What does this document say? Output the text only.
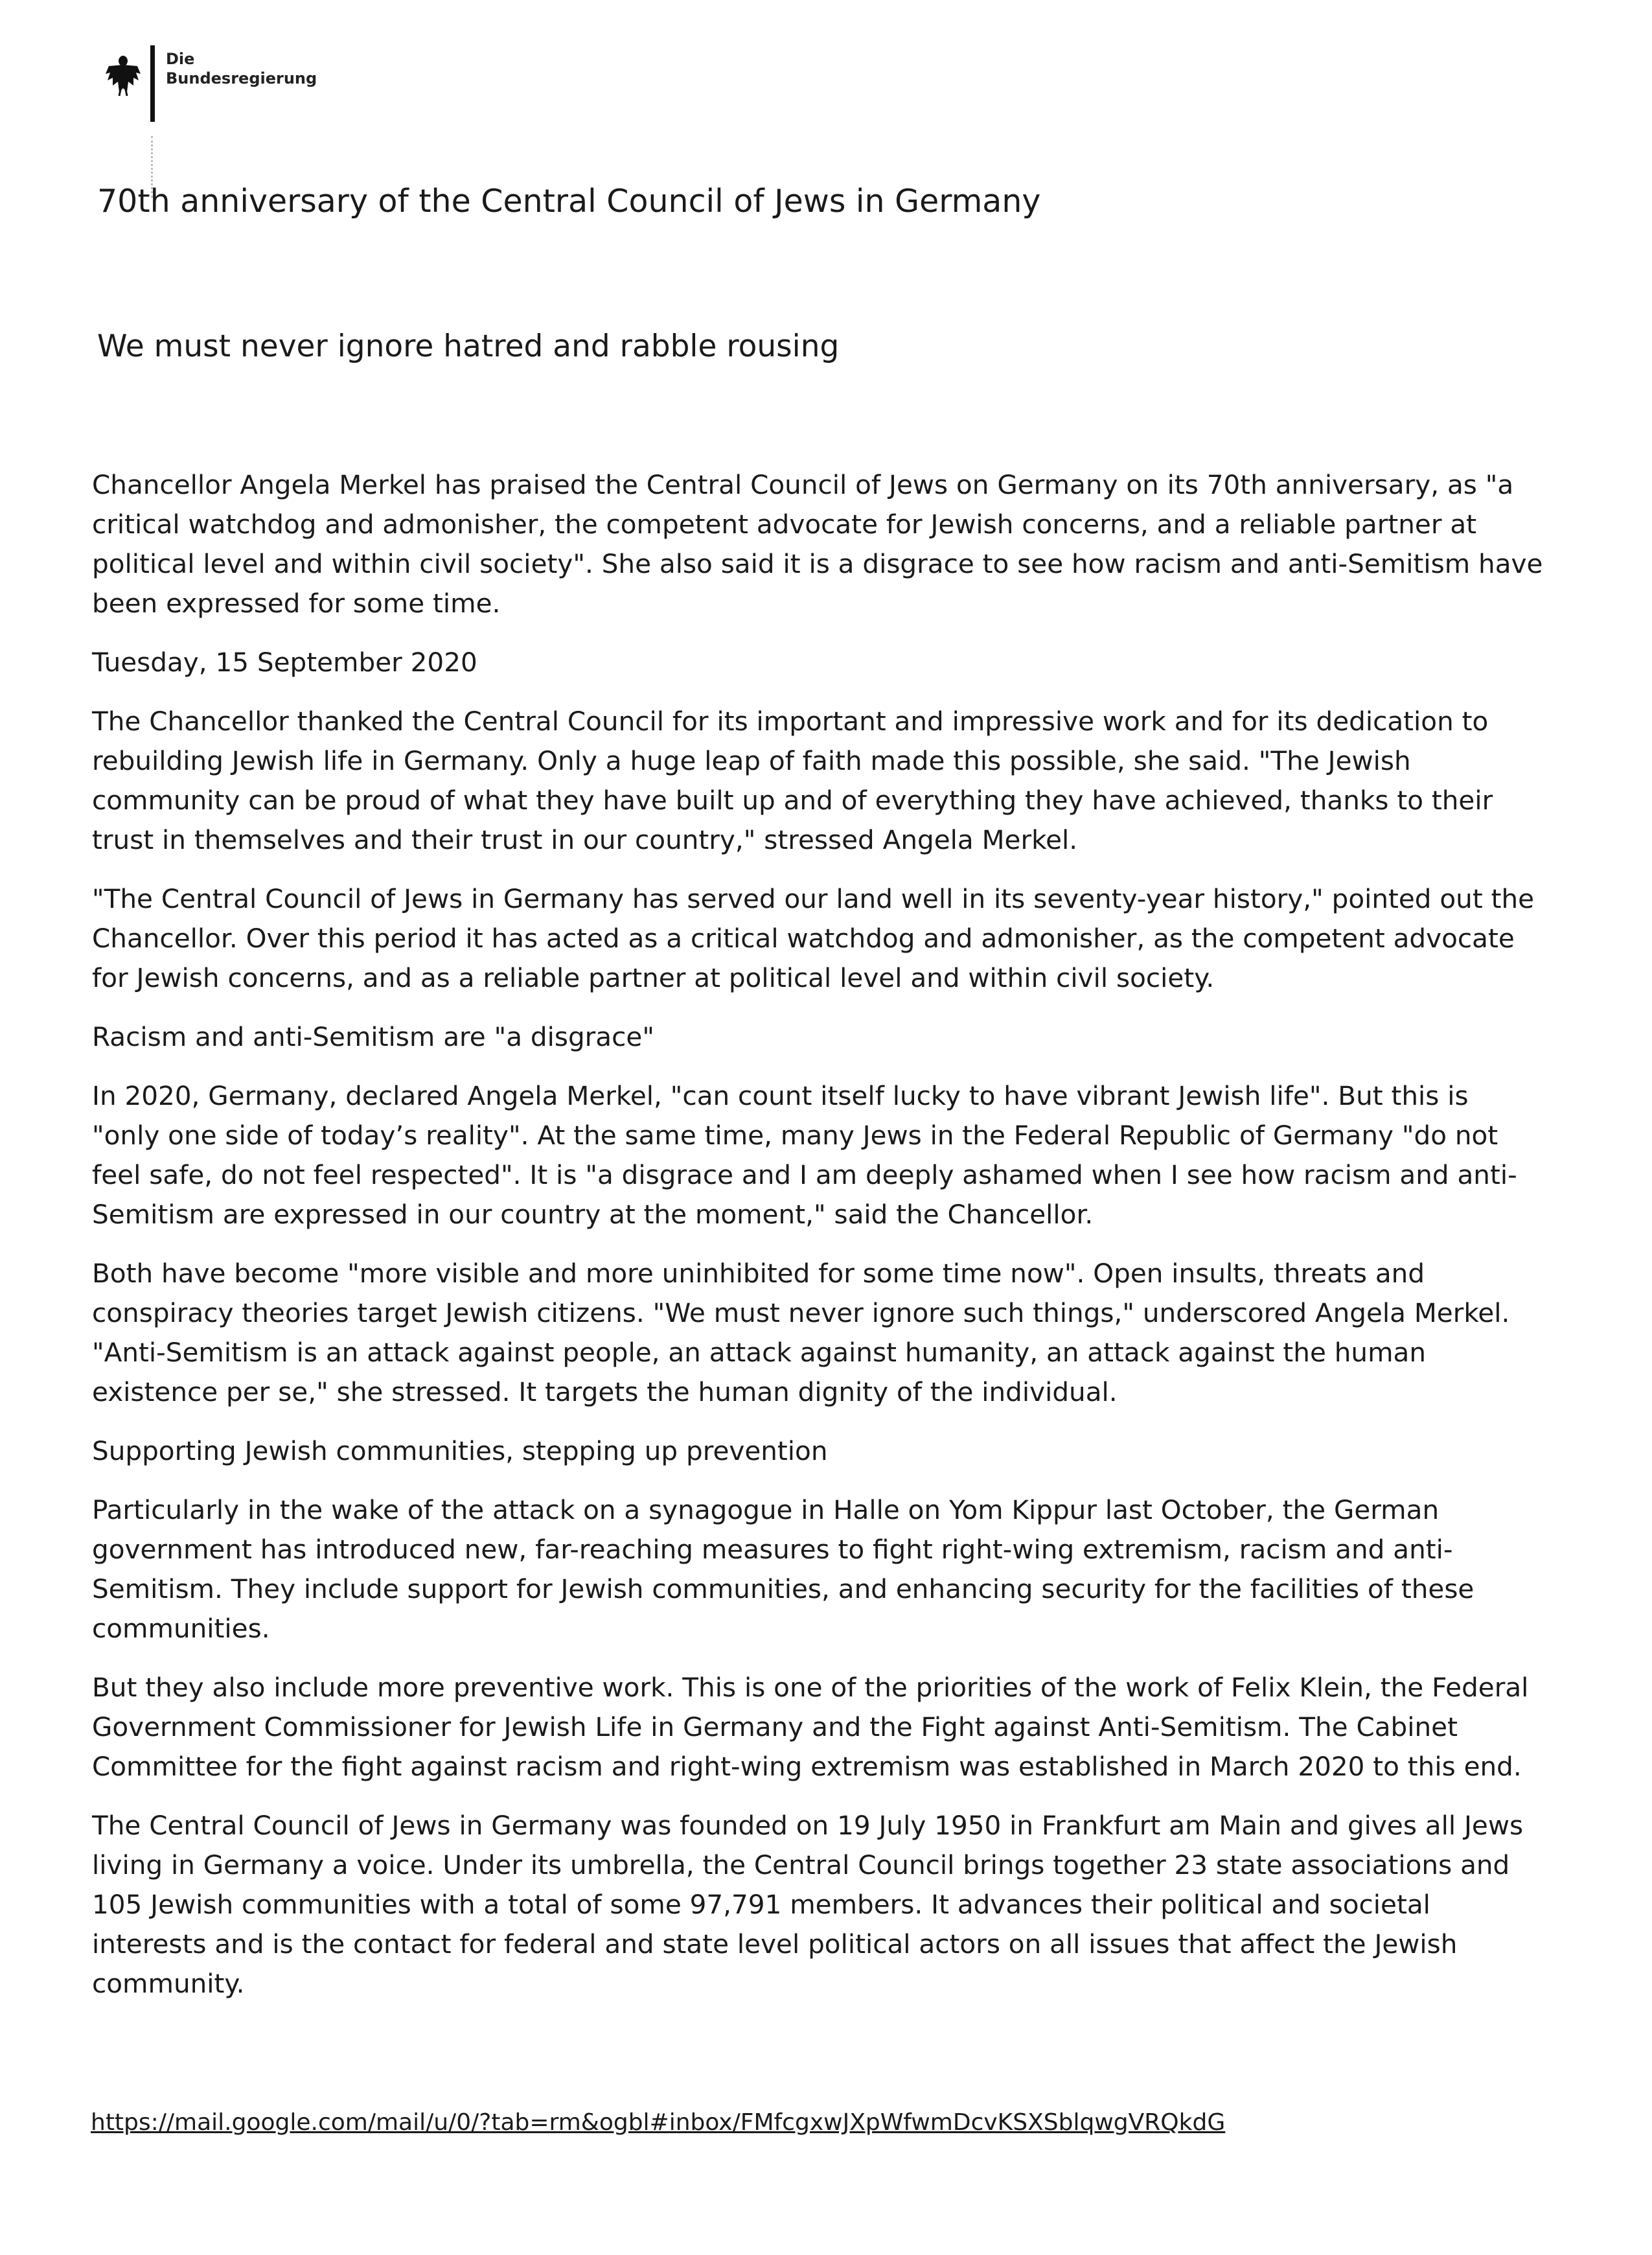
Die
Bundesregierung
70th anniversary of the Central Council of Jews in Germany
We must never ignore hatred and rabble rousing

Chancellor Angela Merkel has praised the Central Council of Jews on Germany on its 70th anniversary, as "a critical watchdog and admonisher, the competent advocate for Jewish concerns, and a reliable partner at political level and within civil society". She also said it is a disgrace to see how racism and anti-Semitism have been expressed for some time.

Tuesday, 15 September 2020

The Chancellor thanked the Central Council for its important and impressive work and for its dedication to rebuilding Jewish life in Germany. Only a huge leap of faith made this possible, she said. "The Jewish community can be proud of what they have built up and of everything they have achieved, thanks to their trust in themselves and their trust in our country," stressed Angela Merkel.

"The Central Council of Jews in Germany has served our land well in its seventy-year history," pointed out the Chancellor. Over this period it has acted as a critical watchdog and admonisher, as the competent advocate for Jewish concerns, and as a reliable partner at political level and within civil society.

Racism and anti-Semitism are "a disgrace"

In 2020, Germany, declared Angela Merkel, "can count itself lucky to have vibrant Jewish life". But this is "only one side of today’s reality". At the same time, many Jews in the Federal Republic of Germany "do not feel safe, do not feel respected". It is "a disgrace and I am deeply ashamed when I see how racism and anti-Semitism are expressed in our country at the moment," said the Chancellor.

Both have become "more visible and more uninhibited for some time now". Open insults, threats and conspiracy theories target Jewish citizens. "We must never ignore such things," underscored Angela Merkel. "Anti-Semitism is an attack against people, an attack against humanity, an attack against the human existence per se," she stressed. It targets the human dignity of the individual.

Supporting Jewish communities, stepping up prevention

Particularly in the wake of the attack on a synagogue in Halle on Yom Kippur last October, the German government has introduced new, far-reaching measures to fight right-wing extremism, racism and anti-Semitism. They include support for Jewish communities, and enhancing security for the facilities of these communities.

But they also include more preventive work. This is one of the priorities of the work of Felix Klein, the Federal Government Commissioner for Jewish Life in Germany and the Fight against Anti-Semitism. The Cabinet Committee for the fight against racism and right-wing extremism was established in March 2020 to this end.

The Central Council of Jews in Germany was founded on 19 July 1950 in Frankfurt am Main and gives all Jews living in Germany a voice. Under its umbrella, the Central Council brings together 23 state associations and 105 Jewish communities with a total of some 97,791 members. It advances their political and societal interests and is the contact for federal and state level political actors on all issues that affect the Jewish community.

https://mail.google.com/mail/u/0/?tab=rm&ogbl#inbox/FMfcgxwJXpWfwmDcvKSXSblqwgVRQkdG
